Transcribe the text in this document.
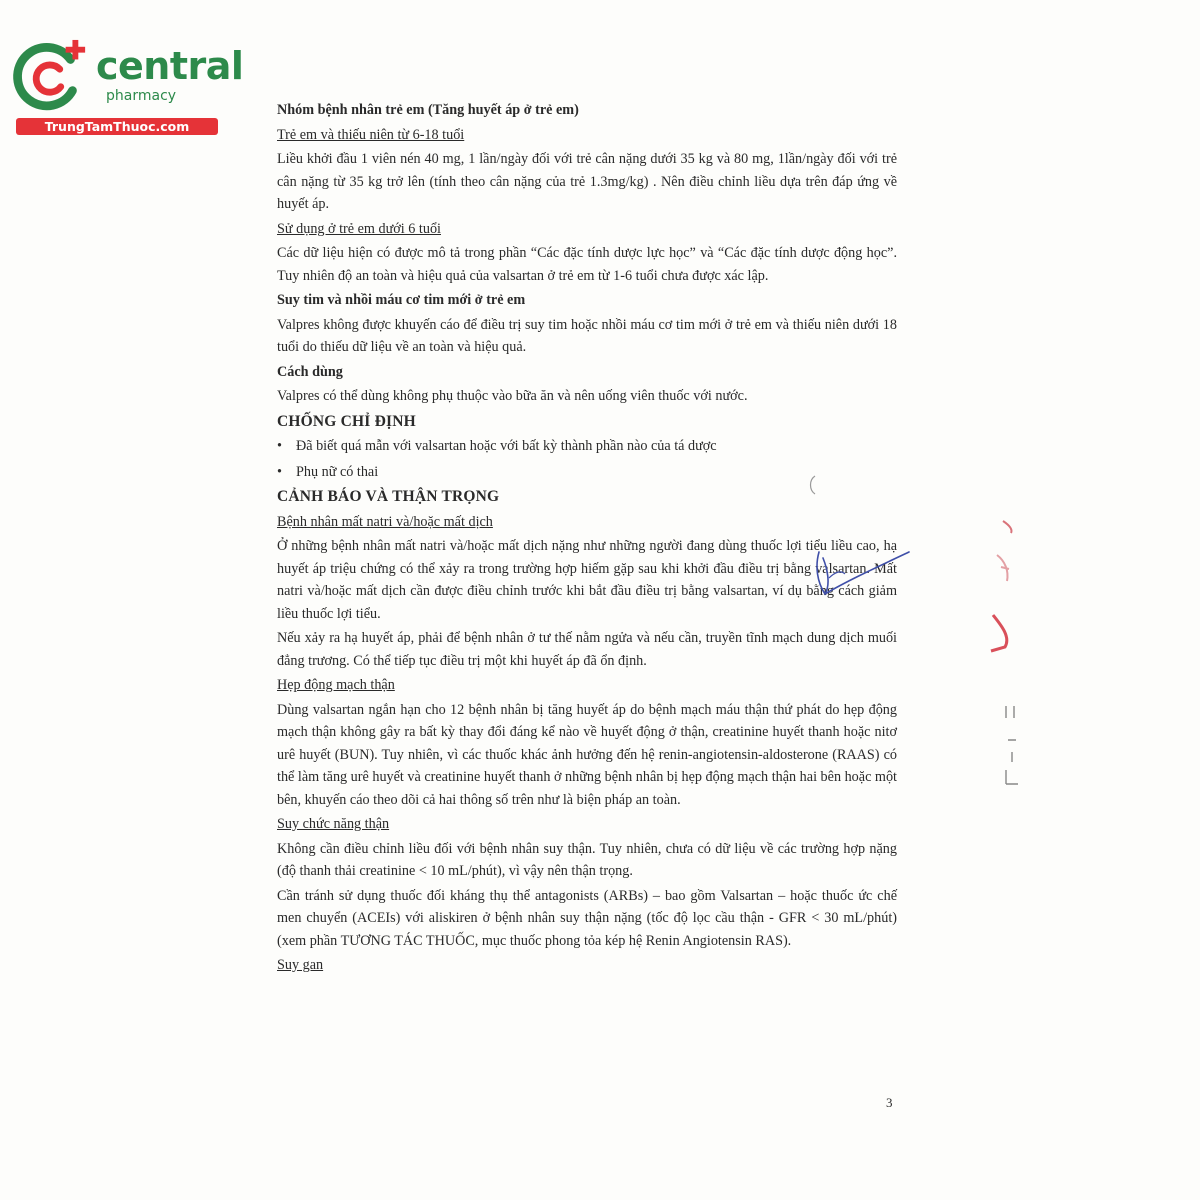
central
pharmacy
TrungTamThuoc.com
Nhóm bệnh nhân trẻ em (Tăng huyết áp ở trẻ em)
Trẻ em và thiếu niên từ 6-18 tuổi

Liều khởi đầu 1 viên nén 40 mg, 1 lần/ngày đối với trẻ cân nặng dưới 35 kg và 80 mg, 1lần/ngày đối với trẻ cân nặng từ 35 kg trở lên (tính theo cân nặng của trẻ 1.3mg/kg) . Nên điều chỉnh liều dựa trên đáp ứng về huyết áp.

Sử dụng ở trẻ em dưới 6 tuổi

Các dữ liệu hiện có được mô tả trong phần “Các đặc tính dược lực học” và “Các đặc tính dược động học”. Tuy nhiên độ an toàn và hiệu quả của valsartan ở trẻ em từ 1-6 tuổi chưa được xác lập.

Suy tim và nhồi máu cơ tim mới ở trẻ em

Valpres không được khuyến cáo để điều trị suy tim hoặc nhồi máu cơ tim mới ở trẻ em và thiếu niên dưới 18 tuổi do thiếu dữ liệu về an toàn và hiệu quả.

Cách dùng

Valpres có thể dùng không phụ thuộc vào bữa ăn và nên uống viên thuốc với nước.

CHỐNG CHỈ ĐỊNH
• Đã biết quá mẫn với valsartan hoặc với bất kỳ thành phần nào của tá dược
• Phụ nữ có thai
CẢNH BÁO VÀ THẬN TRỌNG
Bệnh nhân mất natri và/hoặc mất dịch

Ở những bệnh nhân mất natri và/hoặc mất dịch nặng như những người đang dùng thuốc lợi tiểu liều cao, hạ huyết áp triệu chứng có thể xảy ra trong trường hợp hiếm gặp sau khi khởi đầu điều trị bằng valsartan. Mất natri và/hoặc mất dịch cần được điều chỉnh trước khi bắt đầu điều trị bằng valsartan, ví dụ bằng cách giảm liều thuốc lợi tiểu.

Nếu xảy ra hạ huyết áp, phải để bệnh nhân ở tư thế nằm ngửa và nếu cần, truyền tĩnh mạch dung dịch muối đẳng trương. Có thể tiếp tục điều trị một khi huyết áp đã ổn định.

Hẹp động mạch thận

Dùng valsartan ngắn hạn cho 12 bệnh nhân bị tăng huyết áp do bệnh mạch máu thận thứ phát do hẹp động mạch thận không gây ra bất kỳ thay đổi đáng kể nào về huyết động ở thận, creatinine huyết thanh hoặc nitơ urê huyết (BUN). Tuy nhiên, vì các thuốc khác ảnh hưởng đến hệ renin-angiotensin-aldosterone (RAAS) có thể làm tăng urê huyết và creatinine huyết thanh ở những bệnh nhân bị hẹp động mạch thận hai bên hoặc một bên, khuyến cáo theo dõi cả hai thông số trên như là biện pháp an toàn.

Suy chức năng thận

Không cần điều chỉnh liều đối với bệnh nhân suy thận. Tuy nhiên, chưa có dữ liệu về các trường hợp nặng (độ thanh thải creatinine < 10 mL/phút), vì vậy nên thận trọng.

Cần tránh sử dụng thuốc đối kháng thụ thể antagonists (ARBs) – bao gồm Valsartan – hoặc thuốc ức chế men chuyển (ACEIs) với aliskiren ở bệnh nhân suy thận nặng (tốc độ lọc cầu thận - GFR < 30 mL/phút) (xem phần TƯƠNG TÁC THUỐC, mục thuốc phong tỏa kép hệ Renin Angiotensin RAS).

Suy gan
3
